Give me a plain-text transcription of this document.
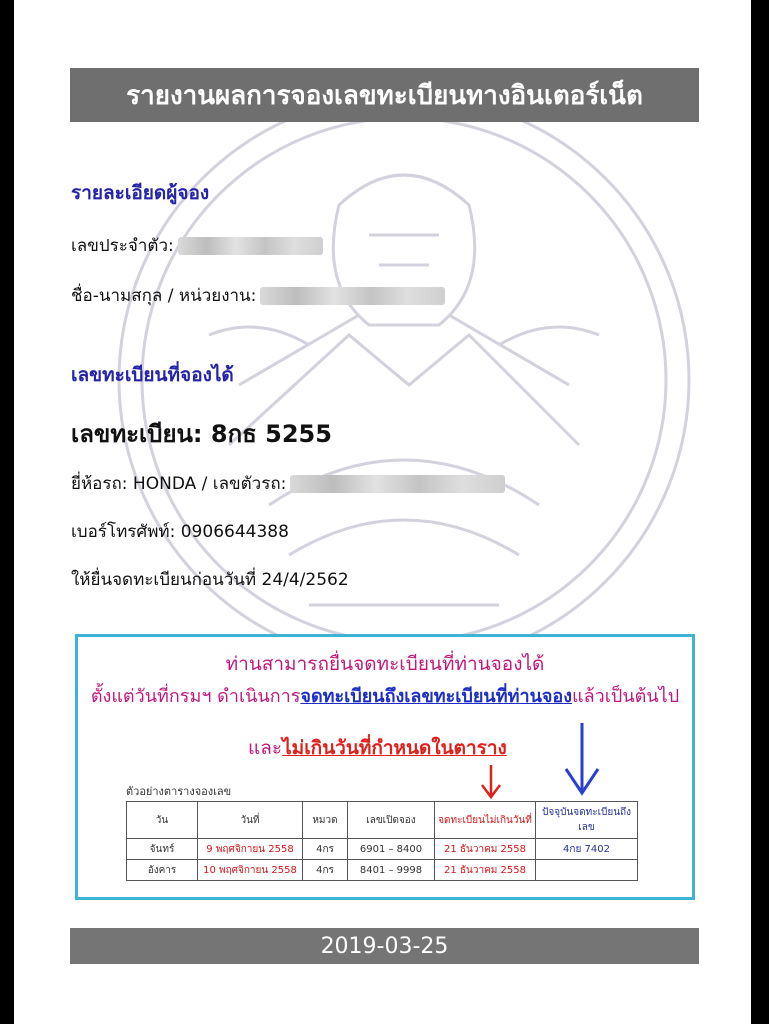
รายงานผลการจองเลขทะเบียนทางอินเตอร์เน็ต
รายละเอียดผู้จอง
เลขประจำตัว:
ชื่อ-นามสกุล / หน่วยงาน:
เลขทะเบียนที่จองได้
เลขทะเบียน: 8กธ 5255
ยี่ห้อรถ: HONDA / เลขตัวรถ:
เบอร์โทรศัพท์: 0906644388
ให้ยื่นจดทะเบียนก่อนวันที่ 24/4/2562
ท่านสามารถยื่นจดทะเบียนที่ท่านจองได้
ตั้งแต่วันที่กรมฯ ดำเนินการจดทะเบียนถึงเลขทะเบียนที่ท่านจองแล้วเป็นต้นไป
และไม่เกินวันที่กำหนดในตาราง
ตัวอย่างตารางจองเลข
วัน	วันที่	หมวด	เลขเปิดจอง	จดทะเบียนไม่เกินวันที่	ปัจจุบันจดทะเบียนถึงเลข
จันทร์	9 พฤศจิกายน 2558	4กร	6901 – 8400	21 ธันวาคม 2558	4กย 7402
อังคาร	10 พฤศจิกายน 2558	4กร	8401 – 9998	21 ธันวาคม 2558	
2019-03-25
